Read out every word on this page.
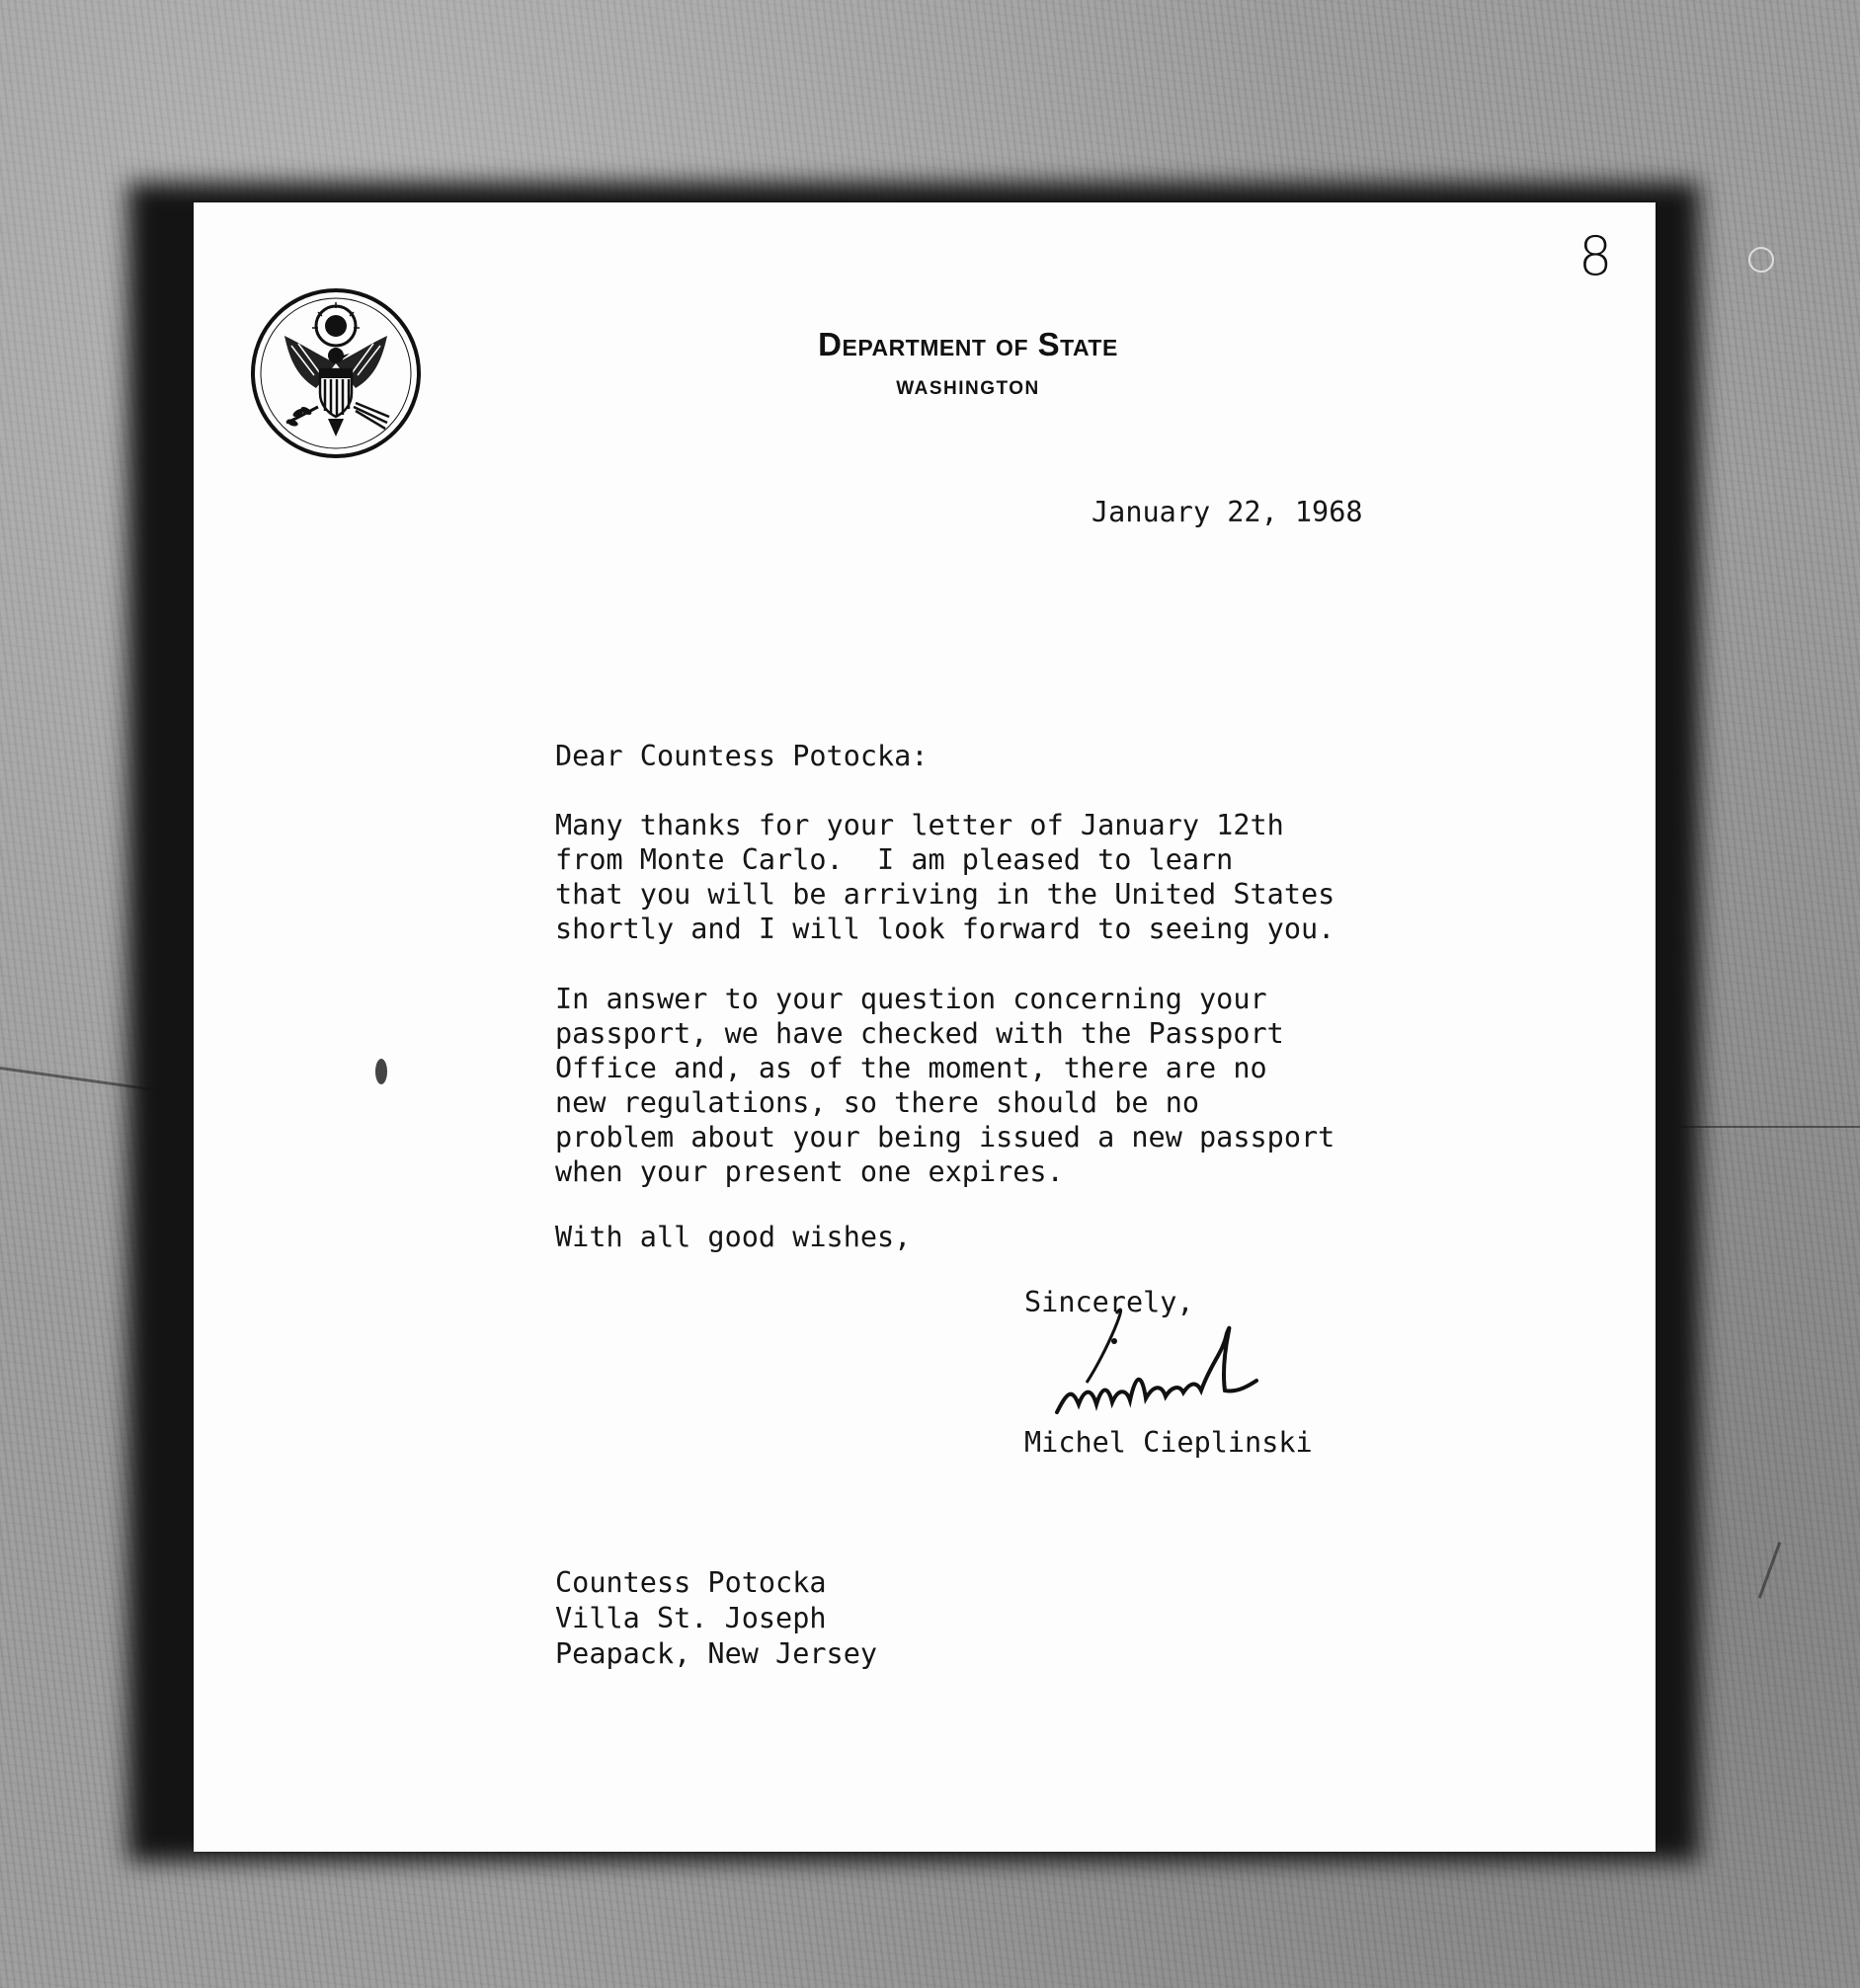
Department of State
WASHINGTON
8
January 22, 1968
Dear Countess Potocka:
Many thanks for your letter of January 12th
from Monte Carlo.  I am pleased to learn
that you will be arriving in the United States
shortly and I will look forward to seeing you.
In answer to your question concerning your
passport, we have checked with the Passport
Office and, as of the moment, there are no
new regulations, so there should be no
problem about your being issued a new passport
when your present one expires.
With all good wishes,
Sincerely,
Michel Cieplinski
Countess Potocka
Villa St. Joseph
Peapack, New Jersey
